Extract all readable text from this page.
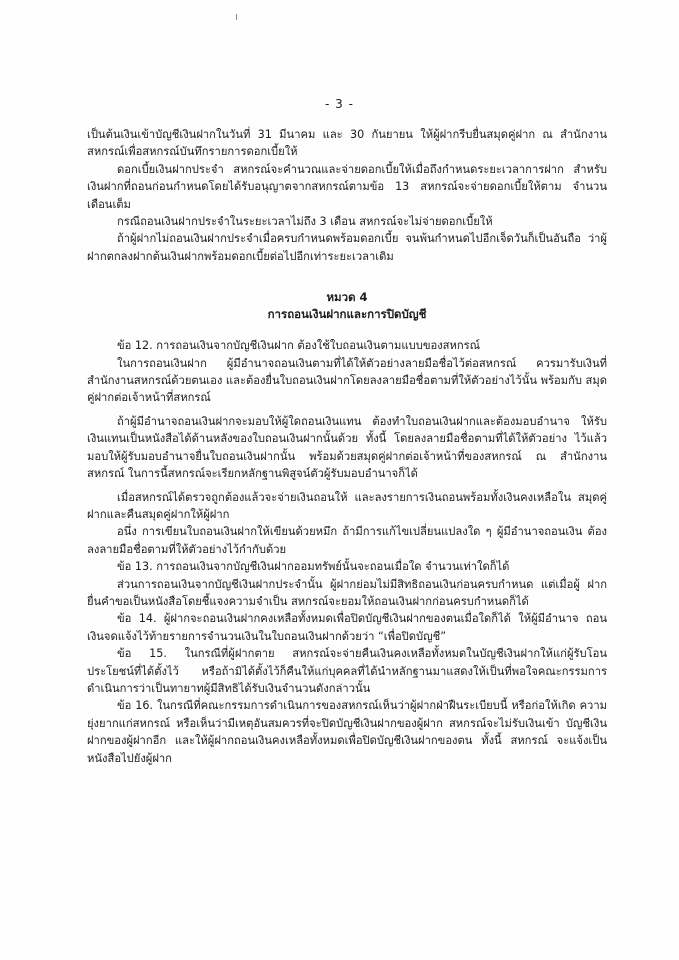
- 3 -

เป็นต้นเงินเข้าบัญชีเงินฝากในวันที่ 31 มีนาคม และ 30 กันยายน ให้ผู้ฝากรีบยื่นสมุดคู่ฝาก ณ สำนักงาน สหกรณ์เพื่อสหกรณ์บันทึกรายการดอกเบี้ยให้

ดอกเบี้ยเงินฝากประจำ สหกรณ์จะคำนวณและจ่ายดอกเบี้ยให้เมื่อถึงกำหนดระยะเวลาการฝาก สำหรับเงินฝากที่ถอนก่อนกำหนดโดยได้รับอนุญาตจากสหกรณ์ตามข้อ 13 สหกรณ์จะจ่ายดอกเบี้ยให้ตาม จำนวนเดือนเต็ม

กรณีถอนเงินฝากประจำในระยะเวลาไม่ถึง 3 เดือน สหกรณ์จะไม่จ่ายดอกเบี้ยให้

ถ้าผู้ฝากไม่ถอนเงินฝากประจำเมื่อครบกำหนดพร้อมดอกเบี้ย จนพ้นกำหนดไปอีกเจ็ดวันก็เป็นอันถือ ว่าผู้ฝากตกลงฝากต้นเงินฝากพร้อมดอกเบี้ยต่อไปอีกเท่าระยะเวลาเดิม

หมวด 4
การถอนเงินฝากและการปิดบัญชี

ข้อ 12. การถอนเงินจากบัญชีเงินฝาก ต้องใช้ใบถอนเงินตามแบบของสหกรณ์

ในการถอนเงินฝาก ผู้มีอำนาจถอนเงินตามที่ได้ให้ตัวอย่างลายมือชื่อไว้ต่อสหกรณ์ ควรมารับเงินที่ สำนักงานสหกรณ์ด้วยตนเอง และต้องยื่นใบถอนเงินฝากโดยลงลายมือชื่อตามที่ให้ตัวอย่างไว้นั้น พร้อมกับ สมุดคู่ฝากต่อเจ้าหน้าที่สหกรณ์

ถ้าผู้มีอำนาจถอนเงินฝากจะมอบให้ผู้ใดถอนเงินแทน ต้องทำใบถอนเงินฝากและต้องมอบอำนาจ ให้รับเงินแทนเป็นหนังสือได้ด้านหลังของใบถอนเงินฝากนั้นด้วย ทั้งนี้ โดยลงลายมือชื่อตามที่ได้ให้ตัวอย่าง ไว้แล้วมอบให้ผู้รับมอบอำนาจยื่นใบถอนเงินฝากนั้น พร้อมด้วยสมุดคู่ฝากต่อเจ้าหน้าที่ของสหกรณ์ ณ สำนักงานสหกรณ์ ในการนี้สหกรณ์จะเรียกหลักฐานพิสูจน์ตัวผู้รับมอบอำนาจก็ได้

เมื่อสหกรณ์ได้ตรวจถูกต้องแล้วจะจ่ายเงินถอนให้ และลงรายการเงินถอนพร้อมทั้งเงินคงเหลือใน สมุดคู่ฝากและคืนสมุดคู่ฝากให้ผู้ฝาก

อนึ่ง การเขียนใบถอนเงินฝากให้เขียนด้วยหมึก ถ้ามีการแก้ไขเปลี่ยนแปลงใด ๆ ผู้มีอำนาจถอนเงิน ต้องลงลายมือชื่อตามที่ให้ตัวอย่างไว้กำกับด้วย

ข้อ 13. การถอนเงินจากบัญชีเงินฝากออมทรัพย์นั้นจะถอนเมื่อใด จำนวนเท่าใดก็ได้

ส่วนการถอนเงินจากบัญชีเงินฝากประจำนั้น ผู้ฝากย่อมไม่มีสิทธิถอนเงินก่อนครบกำหนด แต่เมื่อผู้ ฝากยื่นคำขอเป็นหนังสือโดยชี้แจงความจำเป็น สหกรณ์จะยอมให้ถอนเงินฝากก่อนครบกำหนดก็ได้

ข้อ 14. ผู้ฝากจะถอนเงินฝากคงเหลือทั้งหมดเพื่อปิดบัญชีเงินฝากของตนเมื่อใดก็ได้ ให้ผู้มีอำนาจ ถอนเงินจดแจ้งไว้ท้ายรายการจำนวนเงินในใบถอนเงินฝากด้วยว่า “เพื่อปิดบัญชี”

ข้อ 15. ในกรณีที่ผู้ฝากตาย สหกรณ์จะจ่ายคืนเงินคงเหลือทั้งหมดในบัญชีเงินฝากให้แก่ผู้รับโอน ประโยชน์ที่ได้ตั้งไว้ หรือถ้ามิได้ตั้งไว้ก็คืนให้แก่บุคคลที่ได้นำหลักฐานมาแสดงให้เป็นที่พอใจคณะกรรมการ ดำเนินการว่าเป็นทายาทผู้มีสิทธิได้รับเงินจำนวนดังกล่าวนั้น

ข้อ 16. ในกรณีที่คณะกรรมการดำเนินการของสหกรณ์เห็นว่าผู้ฝากฝ่าฝืนระเบียบนี้ หรือก่อให้เกิด ความยุ่งยากแก่สหกรณ์ หรือเห็นว่ามีเหตุอันสมควรที่จะปิดบัญชีเงินฝากของผู้ฝาก สหกรณ์จะไม่รับเงินเข้า บัญชีเงินฝากของผู้ฝากอีก และให้ผู้ฝากถอนเงินคงเหลือทั้งหมดเพื่อปิดบัญชีเงินฝากของตน ทั้งนี้ สหกรณ์ จะแจ้งเป็นหนังสือไปยังผู้ฝาก
